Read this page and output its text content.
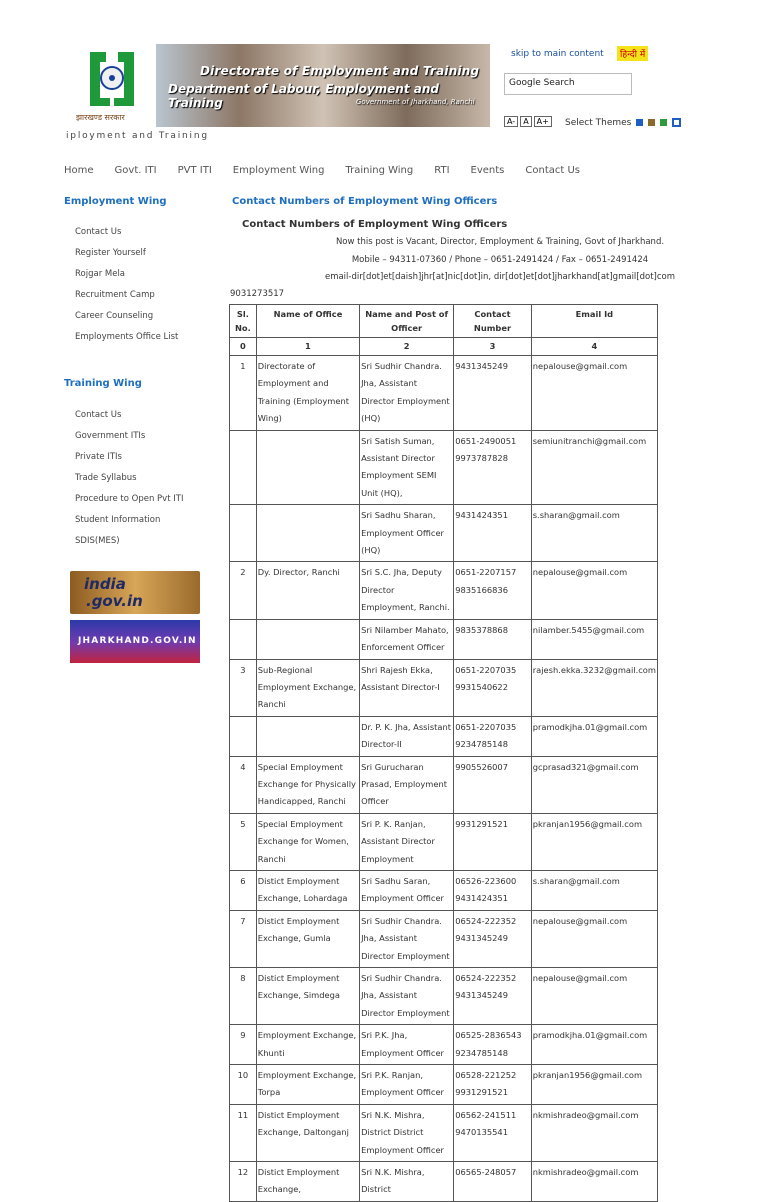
झारखण्ड सरकार
Directorate of Employment and Training
Department of Labour, Employment and Training	Government of Jharkhand, Ranchi
skip to main content	हिन्दी में
Google Search
A-	A	A+	Select Themes
iployment and Training
Home Govt. ITI PVT ITI Employment Wing Training Wing RTI Events Contact Us
Employment Wing
Contact Us
Register Yourself
Rojgar Mela
Recruitment Camp
Career Counseling
Employments Office List
Training Wing
Contact Us
Government ITIs
Private ITIs
Trade Syllabus
Procedure to Open Pvt ITI
Student Information
SDIS(MES)
india
.gov.in
JHARKHAND.GOV.IN
Contact Numbers of Employment Wing Officers
Contact Numbers of Employment Wing Officers
Now this post is Vacant, Director, Employment & Training, Govt of Jharkhand.
Mobile – 94311-07360 / Phone – 0651-2491424 / Fax – 0651-2491424
email-dir[dot]et[daish]jhr[at]nic[dot]in, dir[dot]et[dot]jharkhand[at]gmail[dot]com
9031273517
Sl. No.	Name of Office	Name and Post of Officer	Contact Number	Email Id
0	1	2	3	4
1	Directorate of Employment and Training (Employment Wing)	Sri Sudhir Chandra. Jha, Assistant Director Employment (HQ)	9431345249	nepalouse@gmail.com
		Sri Satish Suman, Assistant Director Employment SEMI Unit (HQ),	0651-2490051 9973787828	semiunitranchi@gmail.com
		Sri Sadhu Sharan, Employment Officer (HQ)	9431424351	s.sharan@gmail.com
2	Dy. Director, Ranchi	Sri S.C. Jha, Deputy Director Employment, Ranchi.	0651-2207157 9835166836	nepalouse@gmail.com
		Sri Nilamber Mahato, Enforcement Officer	9835378868	nilamber.5455@gmail.com
3	Sub-Regional Employment Exchange, Ranchi	Shri Rajesh Ekka, Assistant Director-I	0651-2207035 9931540622	rajesh.ekka.3232@gmail.com
		Dr. P. K. Jha, Assistant Director-II	0651-2207035 9234785148	pramodkjha.01@gmail.com
4	Special Employment Exchange for Physically Handicapped, Ranchi	Sri Gurucharan Prasad, Employment Officer	9905526007	gcprasad321@gmail.com
5	Special Employment Exchange for Women, Ranchi	Sri P. K. Ranjan, Assistant Director Employment	9931291521	pkranjan1956@gmail.com
6	Distict Employment Exchange, Lohardaga	Sri Sadhu Saran, Employment Officer	06526-223600 9431424351	s.sharan@gmail.com
7	Distict Employment Exchange, Gumla	Sri Sudhir Chandra. Jha, Assistant Director Employment	06524-222352 9431345249	nepalouse@gmail.com
8	Distict Employment Exchange, Simdega	Sri Sudhir Chandra. Jha, Assistant Director Employment	06524-222352 9431345249	nepalouse@gmail.com
9	Employment Exchange, Khunti	Sri P.K. Jha, Employment Officer	06525-2836543 9234785148	pramodkjha.01@gmail.com
10	Employment Exchange, Torpa	Sri P.K. Ranjan, Employment Officer	06528-221252 9931291521	pkranjan1956@gmail.com
11	Distict Employment Exchange, Daltonganj	Sri N.K. Mishra, District District Employment Officer	06562-241511 9470135541	nkmishradeo@gmail.com
12	Distict Employment Exchange,	Sri N.K. Mishra, District	06565-248057	nkmishradeo@gmail.com
